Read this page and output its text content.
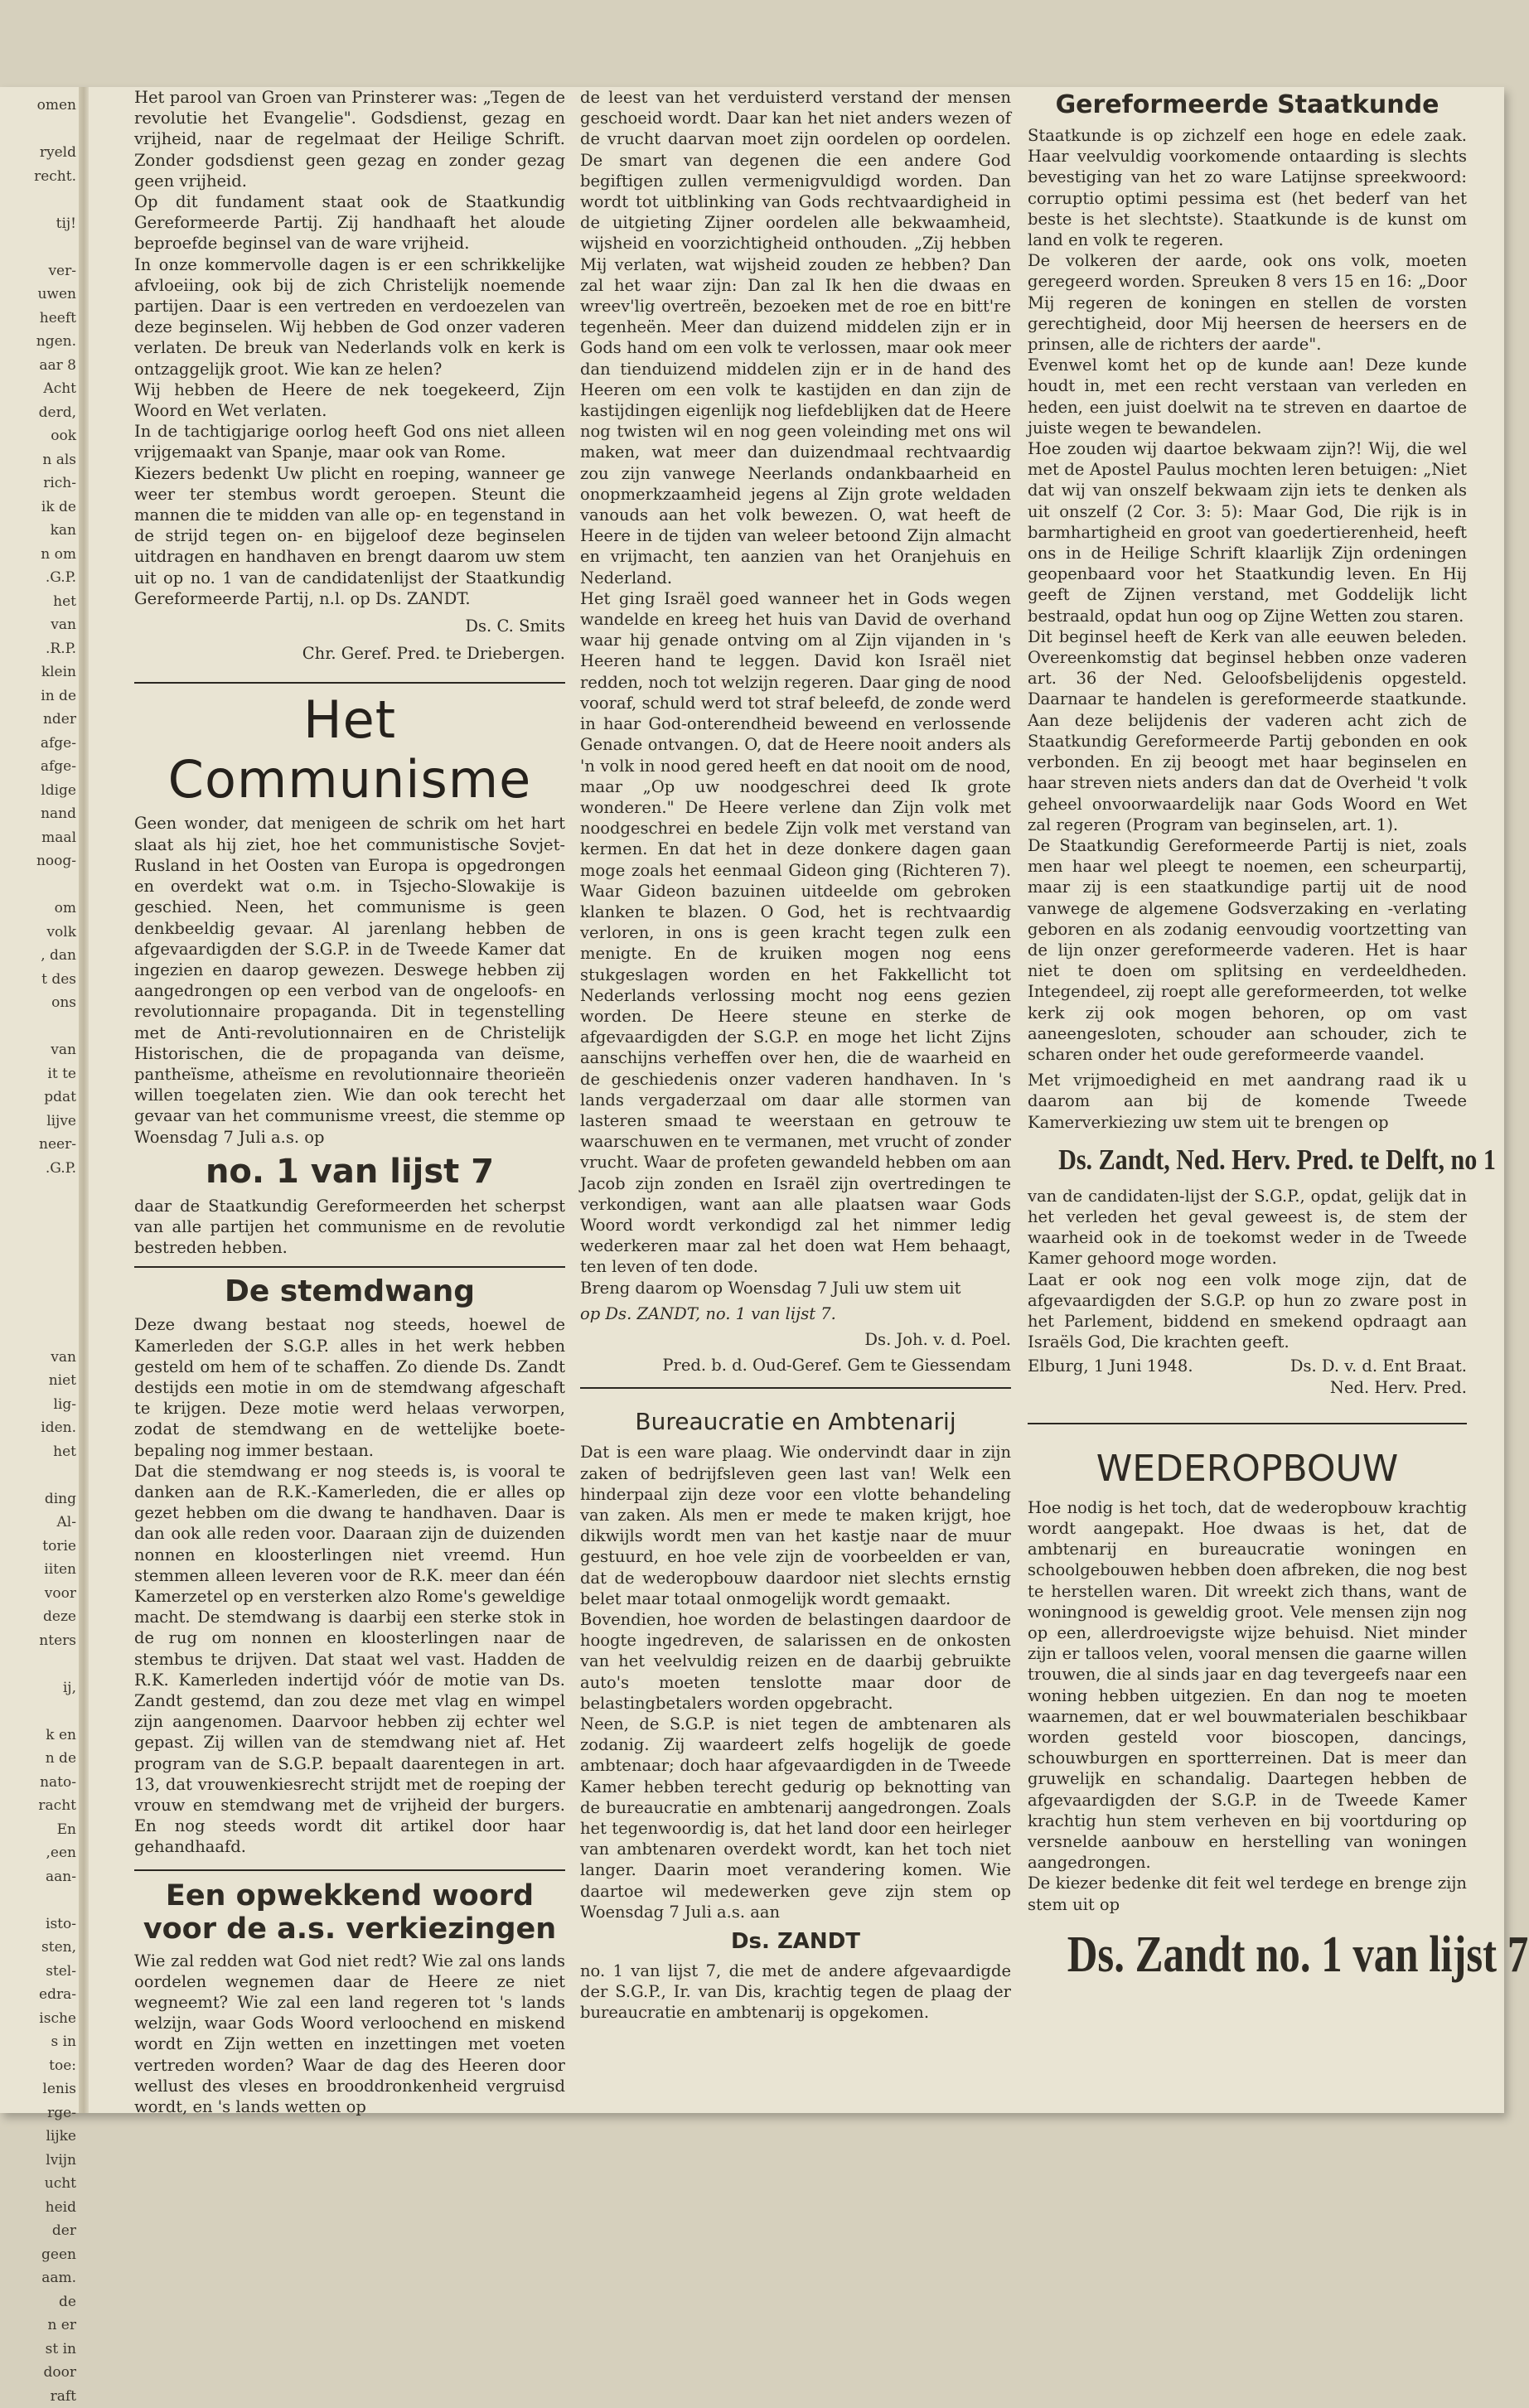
omen
ryeld
recht.
tij!
ver-
uwen
heeft
ngen.
aar 8
Acht
derd,
ook
n als
rich-
ik de
kan
n om
.G.P.
het
van
.R.P.
klein
in de
nder
afge-
afge-
ldige
nand
maal
noog-
om
volk
, dan
t des
ons
van
it te
pdat
lijve
neer-
.G.P.
van
niet
lig-
iden.
het
ding
Al-
torie
iiten
voor
deze
nters
ij,
k en
n de
nato-
racht
En
,een
aan-
isto-
sten,
stel-
edra-
ische
s in
toe:
lenis
rge-
lijke
lvijn
ucht
heid
der
geen
aam.
de
n er
st in
door
raft

Het parool van Groen van Prinsterer was: „Tegen de revolutie het Evangelie". Godsdienst, gezag en vrijheid, naar de regelmaat der Heilige Schrift. Zonder godsdienst geen gezag en zonder gezag geen vrijheid.

Op dit fundament staat ook de Staatkundig Gereformeerde Partij. Zij handhaaft het aloude beproefde beginsel van de ware vrijheid.

In onze kommervolle dagen is er een schrikkelijke afvloeiing, ook bij de zich Christelijk noemende partijen. Daar is een vertreden en verdoezelen van deze beginselen. Wij hebben de God onzer vaderen verlaten. De breuk van Nederlands volk en kerk is ontzaggelijk groot. Wie kan ze helen?

Wij hebben de Heere de nek toegekeerd, Zijn Woord en Wet verlaten.

In de tachtigjarige oorlog heeft God ons niet alleen vrijgemaakt van Spanje, maar ook van Rome.

Kiezers bedenkt Uw plicht en roeping, wanneer ge weer ter stembus wordt geroepen. Steunt die mannen die te midden van alle op- en tegenstand in de strijd tegen on- en bijgeloof deze beginselen uitdragen en handhaven en brengt daarom uw stem uit op no. 1 van de candidatenlijst der Staatkundig Gereformeerde Partij, n.l. op Ds. ZANDT.

Ds. C. Smits

Chr. Geref. Pred. te Driebergen.

Het Communisme

Geen wonder, dat menigeen de schrik om het hart slaat als hij ziet, hoe het communistische Sovjet-Rusland in het Oosten van Europa is opgedrongen en overdekt wat o.m. in Tsjecho-Slowakije is geschied. Neen, het communisme is geen denkbeeldig gevaar. Al jarenlang hebben de afgevaardigden der S.G.P. in de Tweede Kamer dat ingezien en daarop gewezen. Deswege hebben zij aangedrongen op een verbod van de ongeloofs- en revolutionnaire propaganda. Dit in tegenstelling met de Anti-revolutionnairen en de Christelijk Historischen, die de propaganda van deïsme, pantheïsme, atheïsme en revolutionnaire theorieën willen toegelaten zien. Wie dan ook terecht het gevaar van het communisme vreest, die stemme op Woensdag 7 Juli a.s. op

no. 1 van lijst 7

daar de Staatkundig Gereformeerden het scherpst van alle partijen het communisme en de revolutie bestreden hebben.

De stemdwang

Deze dwang bestaat nog steeds, hoewel de Kamerleden der S.G.P. alles in het werk hebben gesteld om hem of te schaffen. Zo diende Ds. Zandt destijds een motie in om de stemdwang afgeschaft te krijgen. Deze motie werd helaas verworpen, zodat de stemdwang en de wettelijke boete-bepaling nog immer bestaan.

Dat die stemdwang er nog steeds is, is vooral te danken aan de R.K.-Kamerleden, die er alles op gezet hebben om die dwang te handhaven. Daar is dan ook alle reden voor. Daaraan zijn de duizenden nonnen en kloosterlingen niet vreemd. Hun stemmen alleen leveren voor de R.K. meer dan één Kamerzetel op en versterken alzo Rome's geweldige macht. De stemdwang is daarbij een sterke stok in de rug om nonnen en kloosterlingen naar de stembus te drijven. Dat staat wel vast. Hadden de R.K. Kamerleden indertijd vóór de motie van Ds. Zandt gestemd, dan zou deze met vlag en wimpel zijn aangenomen. Daarvoor hebben zij echter wel gepast. Zij willen van de stemdwang niet af. Het program van de S.G.P. bepaalt daarentegen in art. 13, dat vrouwenkiesrecht strijdt met de roeping der vrouw en stemdwang met de vrijheid der burgers. En nog steeds wordt dit artikel door haar gehandhaafd.

Een opwekkend woord
voor de a.s. verkiezingen

Wie zal redden wat God niet redt? Wie zal ons lands oordelen wegnemen daar de Heere ze niet wegneemt? Wie zal een land regeren tot 's lands welzijn, waar Gods Woord verloochend en miskend wordt en Zijn wetten en inzettingen met voeten vertreden worden? Waar de dag des Heeren door wellust des vleses en brooddronkenheid vergruisd wordt, en 's lands wetten op

de leest van het verduisterd verstand der mensen geschoeid wordt. Daar kan het niet anders wezen of de vrucht daarvan moet zijn oordelen op oordelen. De smart van degenen die een andere God begiftigen zullen vermenigvuldigd worden. Dan wordt tot uitblinking van Gods rechtvaardigheid in de uitgieting Zijner oordelen alle bekwaamheid, wijsheid en voorzichtigheid onthouden. „Zij hebben Mij verlaten, wat wijsheid zouden ze hebben? Dan zal het waar zijn: Dan zal Ik hen die dwaas en wreev'lig overtreën, bezoeken met de roe en bitt're tegenheën. Meer dan duizend middelen zijn er in Gods hand om een volk te verlossen, maar ook meer dan tienduizend middelen zijn er in de hand des Heeren om een volk te kastijden en dan zijn de kastijdingen eigenlijk nog liefdeblijken dat de Heere nog twisten wil en nog geen voleinding met ons wil maken, wat meer dan duizendmaal rechtvaardig zou zijn vanwege Neerlands ondankbaarheid en onopmerkzaamheid jegens al Zijn grote weldaden vanouds aan het volk bewezen. O, wat heeft de Heere in de tijden van weleer betoond Zijn almacht en vrijmacht, ten aanzien van het Oranjehuis en Nederland.

Het ging Israël goed wanneer het in Gods wegen wandelde en kreeg het huis van David de overhand waar hij genade ontving om al Zijn vijanden in 's Heeren hand te leggen. David kon Israël niet redden, noch tot welzijn regeren. Daar ging de nood vooraf, schuld werd tot straf beleefd, de zonde werd in haar God-onterendheid beweend en verlossende Genade ontvangen. O, dat de Heere nooit anders als 'n volk in nood gered heeft en dat nooit om de nood, maar „Op uw noodgeschrei deed Ik grote wonderen." De Heere verlene dan Zijn volk met noodgeschrei en bedele Zijn volk met verstand van kermen. En dat het in deze donkere dagen gaan moge zoals het eenmaal Gideon ging (Richteren 7). Waar Gideon bazuinen uitdeelde om gebroken klanken te blazen. O God, het is rechtvaardig verloren, in ons is geen kracht tegen zulk een menigte. En de kruiken mogen nog eens stukgeslagen worden en het Fakkellicht tot Nederlands verlossing mocht nog eens gezien worden. De Heere steune en sterke de afgevaardigden der S.G.P. en moge het licht Zijns aanschijns verheffen over hen, die de waarheid en de geschiedenis onzer vaderen handhaven. In 's lands vergaderzaal om daar alle stormen van lasteren smaad te weerstaan en getrouw te waarschuwen en te vermanen, met vrucht of zonder vrucht. Waar de profeten gewandeld hebben om aan Jacob zijn zonden en Israël zijn overtredingen te verkondigen, want aan alle plaatsen waar Gods Woord wordt verkondigd zal het nimmer ledig wederkeren maar zal het doen wat Hem behaagt, ten leven of ten dode.

Breng daarom op Woensdag 7 Juli uw stem uit

op Ds. ZANDT, no. 1 van lijst 7.

Ds. Joh. v. d. Poel.

Pred. b. d. Oud-Geref. Gem te Giessendam

Bureaucratie en Ambtenarij

Dat is een ware plaag. Wie ondervindt daar in zijn zaken of bedrijfsleven geen last van! Welk een hinderpaal zijn deze voor een vlotte behandeling van zaken. Als men er mede te maken krijgt, hoe dikwijls wordt men van het kastje naar de muur gestuurd, en hoe vele zijn de voorbeelden er van, dat de wederopbouw daardoor niet slechts ernstig belet maar totaal onmogelijk wordt gemaakt.

Bovendien, hoe worden de belastingen daardoor de hoogte ingedreven, de salarissen en de onkosten van het veelvuldig reizen en de daarbij gebruikte auto's moeten tenslotte maar door de belastingbetalers worden opgebracht.

Neen, de S.G.P. is niet tegen de ambtenaren als zodanig. Zij waardeert zelfs hogelijk de goede ambtenaar; doch haar afgevaardigden in de Tweede Kamer hebben terecht gedurig op beknotting van de bureaucratie en ambtenarij aangedrongen. Zoals het tegenwoordig is, dat het land door een heirleger van ambtenaren overdekt wordt, kan het toch niet langer. Daarin moet verandering komen. Wie daartoe wil medewerken geve zijn stem op Woensdag 7 Juli a.s. aan

Ds. ZANDT

no. 1 van lijst 7, die met de andere afgevaardigde der S.G.P., Ir. van Dis, krachtig tegen de plaag der bureaucratie en ambtenarij is opgekomen.

Gereformeerde Staatkunde

Staatkunde is op zichzelf een hoge en edele zaak. Haar veelvuldig voorkomende ontaarding is slechts bevestiging van het zo ware Latijnse spreekwoord: corruptio optimi pessima est (het bederf van het beste is het slechtste). Staatkunde is de kunst om land en volk te regeren.

De volkeren der aarde, ook ons volk, moeten geregeerd worden. Spreuken 8 vers 15 en 16: „Door Mij regeren de koningen en stellen de vorsten gerechtigheid, door Mij heersen de heersers en de prinsen, alle de richters der aarde".

Evenwel komt het op de kunde aan! Deze kunde houdt in, met een recht verstaan van verleden en heden, een juist doelwit na te streven en daartoe de juiste wegen te bewandelen.

Hoe zouden wij daartoe bekwaam zijn?! Wij, die wel met de Apostel Paulus mochten leren betuigen: „Niet dat wij van onszelf bekwaam zijn iets te denken als uit onszelf (2 Cor. 3: 5): Maar God, Die rijk is in barmhartigheid en groot van goedertierenheid, heeft ons in de Heilige Schrift klaarlijk Zijn ordeningen geopenbaard voor het Staatkundig leven. En Hij geeft de Zijnen verstand, met Goddelijk licht bestraald, opdat hun oog op Zijne Wetten zou staren.

Dit beginsel heeft de Kerk van alle eeuwen beleden. Overeenkomstig dat beginsel hebben onze vaderen art. 36 der Ned. Geloofsbelijdenis opgesteld. Daarnaar te handelen is gereformeerde staatkunde. Aan deze belijdenis der vaderen acht zich de Staatkundig Gereformeerde Partij gebonden en ook verbonden. En zij beoogt met haar beginselen en haar streven niets anders dan dat de Overheid 't volk geheel onvoorwaardelijk naar Gods Woord en Wet zal regeren (Program van beginselen, art. 1).

De Staatkundig Gereformeerde Partij is niet, zoals men haar wel pleegt te noemen, een scheurpartij, maar zij is een staatkundige partij uit de nood vanwege de algemene Godsverzaking en -verlating geboren en als zodanig eenvoudig voortzetting van de lijn onzer gereformeerde vaderen. Het is haar niet te doen om splitsing en verdeeldheden. Integendeel, zij roept alle gereformeerden, tot welke kerk zij ook mogen behoren, op om vast aaneengesloten, schouder aan schouder, zich te scharen onder het oude gereformeerde vaandel.

Met vrijmoedigheid en met aandrang raad ik u daarom aan bij de komende Tweede Kamerverkiezing uw stem uit te brengen op

Ds. Zandt, Ned. Herv. Pred. te Delft, no 1

van de candidaten-lijst der S.G.P., opdat, gelijk dat in het verleden het geval geweest is, de stem der waarheid ook in de toekomst weder in de Tweede Kamer gehoord moge worden.

Laat er ook nog een volk moge zijn, dat de afgevaardigden der S.G.P. op hun zo zware post in het Parlement, biddend en smekend opdraagt aan Israëls God, Die krachten geeft.

Elburg, 1 Juni 1948.	Ds. D. v. d. Ent Braat.

Ned. Herv. Pred.

WEDEROPBOUW

Hoe nodig is het toch, dat de wederopbouw krachtig wordt aangepakt. Hoe dwaas is het, dat de ambtenarij en bureaucratie woningen en schoolgebouwen hebben doen afbreken, die nog best te herstellen waren. Dit wreekt zich thans, want de woningnood is geweldig groot. Vele mensen zijn nog op een, allerdroevigste wijze behuisd. Niet minder zijn er talloos velen, vooral mensen die gaarne willen trouwen, die al sinds jaar en dag tevergeefs naar een woning hebben uitgezien. En dan nog te moeten waarnemen, dat er wel bouwmaterialen beschikbaar worden gesteld voor bioscopen, dancings, schouwburgen en sportterreinen. Dat is meer dan gruwelijk en schandalig. Daartegen hebben de afgevaardigden der S.G.P. in de Tweede Kamer krachtig hun stem verheven en bij voortduring op versnelde aanbouw en herstelling van woningen aangedrongen.

De kiezer bedenke dit feit wel terdege en brenge zijn stem uit op

Ds. Zandt no. 1 van lijst 7
